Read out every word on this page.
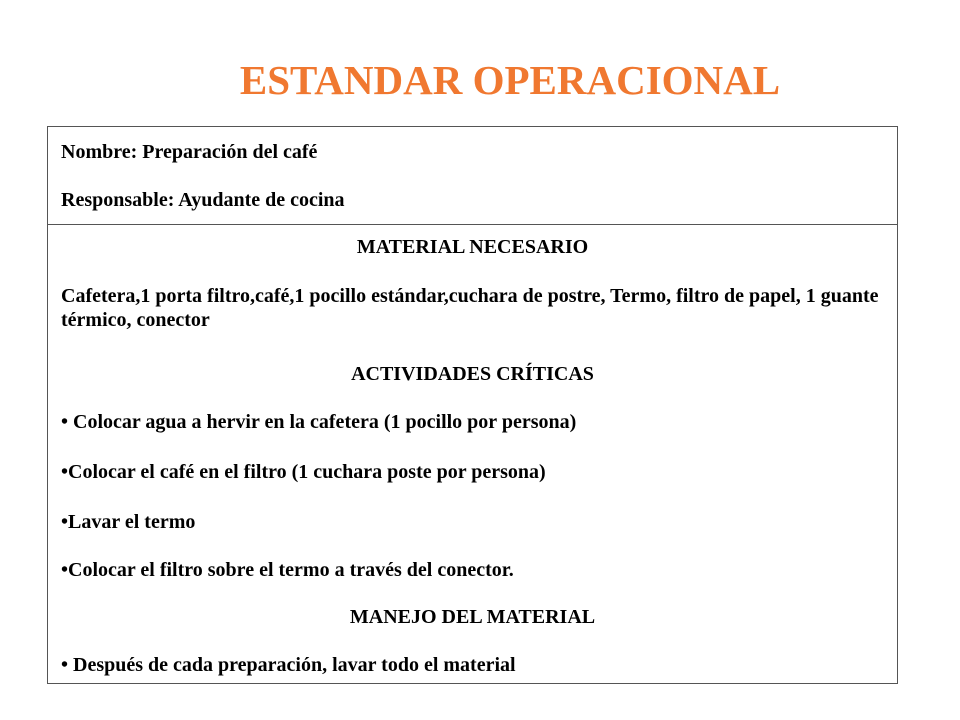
ESTANDAR OPERACIONAL
Nombre: Preparación del café
Responsable: Ayudante de cocina
MATERIAL NECESARIO
Cafetera,1 porta filtro,café,1 pocillo estándar,cuchara de postre, Termo, filtro de papel, 1 guante térmico, conector
ACTIVIDADES CRÍTICAS
• Colocar agua a hervir en la cafetera (1 pocillo por persona)
•Colocar el café en el filtro (1 cuchara poste por persona)
•Lavar el termo
•Colocar el filtro sobre el termo a través del conector.
MANEJO DEL MATERIAL
• Después de cada preparación, lavar todo el material
